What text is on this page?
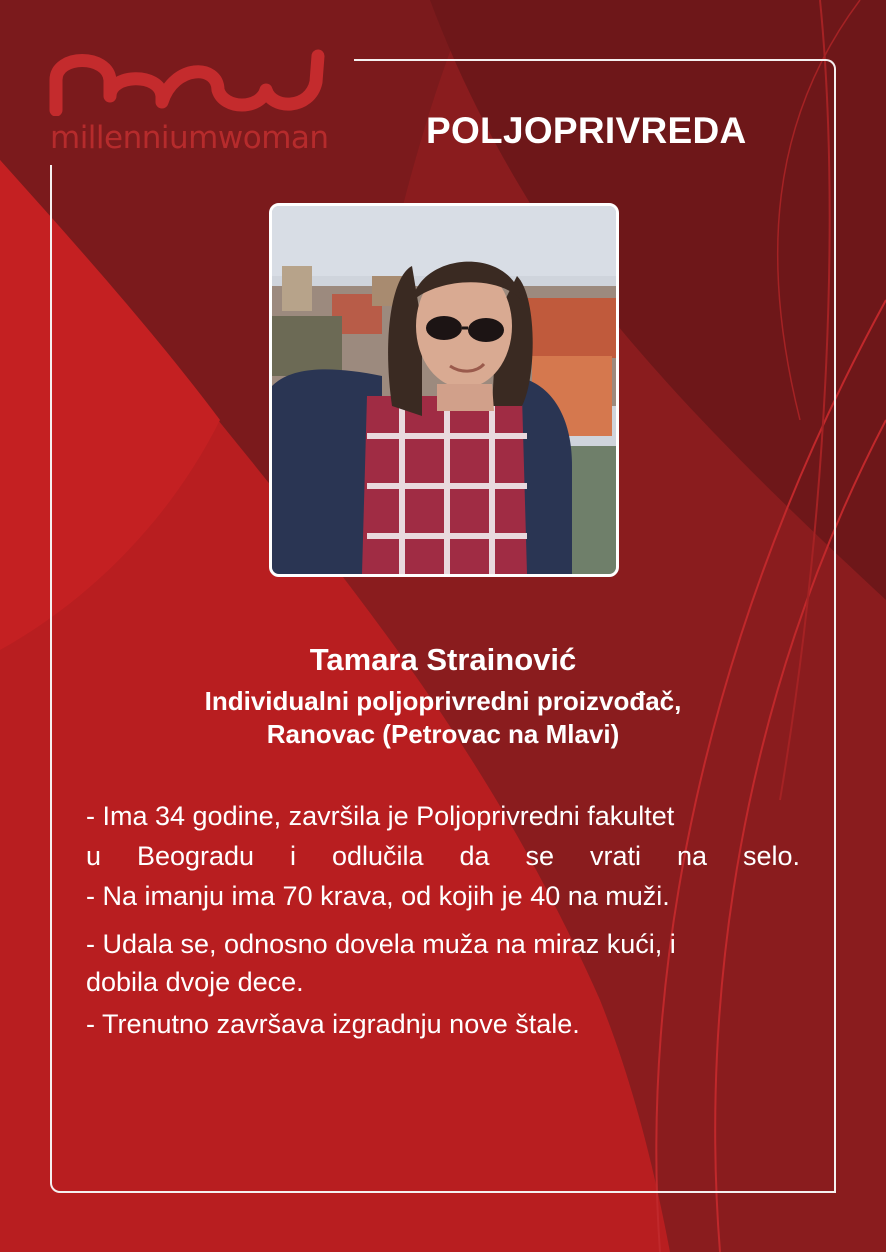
millenniumwoman	POLJOPRIVREDA
Tamara Strainović
Individualni poljoprivredni proizvođač,
Ranovac (Petrovac na Mlavi)

- Ima 34 godine, završila je Poljoprivredni fakultet

u Beogradu i odlučila da se vrati na selo.

- Na imanju ima 70 krava, od kojih je 40 na muži.

- Udala se, odnosno dovela muža na miraz kući, i

dobila dvoje dece.

- Trenutno završava izgradnju nove štale.
